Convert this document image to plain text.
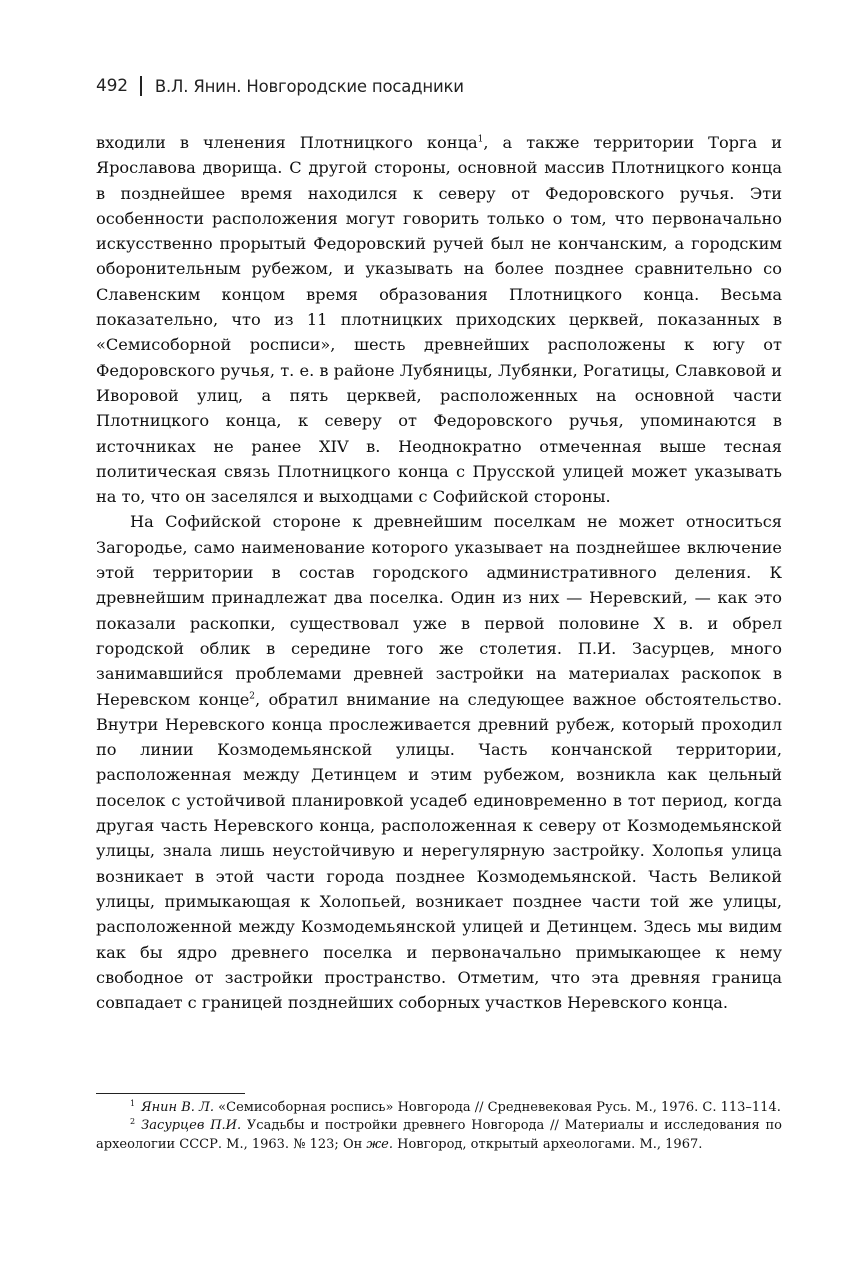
492 В.Л. Янин. Новгородские посадники

входили в членения Плотницкого конца$^1$, а также территории Торга и Ярославова дворища. С другой стороны, основной массив Плотницкого конца в позднейшее время находился к северу от Федоровского ручья. Эти особенности расположения могут говорить только о том, что первоначально искусственно прорытый Федоровский ручей был не кончанским, а городским оборонительным рубежом, и указывать на более позднее сравнительно со Славенским концом время образования Плотницкого конца. Весьма показательно, что из 11 плотницких приходских церквей, показанных в «Семисоборной росписи», шесть древнейших расположены к югу от Федоровского ручья, т. е. в районе Лубяницы, Лубянки, Рогатицы, Славковой и Иворовой улиц, а пять церквей, расположенных на основной части Плотницкого конца, к северу от Федоровского ручья, упоминаются в источниках не ранее XIV в. Неоднократно отмеченная выше тесная политическая связь Плотницкого конца с Прусской улицей может указывать на то, что он заселялся и выходцами с Софийской стороны.

На Софийской стороне к древнейшим поселкам не может относиться Загородье, само наименование которого указывает на позднейшее включение этой территории в состав городского административного деления. К древнейшим принадлежат два поселка. Один из них — Неревский, — как это показали раскопки, существовал уже в первой половине X в. и обрел городской облик в середине того же столетия. П.И. Засурцев, много занимавшийся проблемами древней застройки на материалах раскопок в Неревском конце$^2$, обратил внимание на следующее важное обстоятельство. Внутри Неревского конца прослеживается древний рубеж, который проходил по линии Козмодемьянской улицы. Часть кончанской территории, расположенная между Детинцем и этим рубежом, возникла как цельный поселок с устойчивой планировкой усадеб единовременно в тот период, когда другая часть Неревского конца, расположенная к северу от Козмодемьянской улицы, знала лишь неустойчивую и нерегулярную застройку. Холопья улица возникает в этой части города позднее Козмодемьянской. Часть Великой улицы, примыкающая к Холопьей, возникает позднее части той же улицы, расположенной между Козмодемьянской улицей и Детинцем. Здесь мы видим как бы ядро древнего поселка и первоначально примыкающее к нему свободное от застройки пространство. Отметим, что эта древняя граница совпадает с границей позднейших соборных участков Неревского конца.

$^1$ Янин В. Л. «Семисоборная роспись» Новгорода // Средневековая Русь. М., 1976. С. 113–114.

$^2$ Засурцев П.И. Усадьбы и постройки древнего Новгорода // Материалы и исследования по археологии СССР. М., 1963. № 123; Он же. Новгород, открытый археологами. М., 1967.
